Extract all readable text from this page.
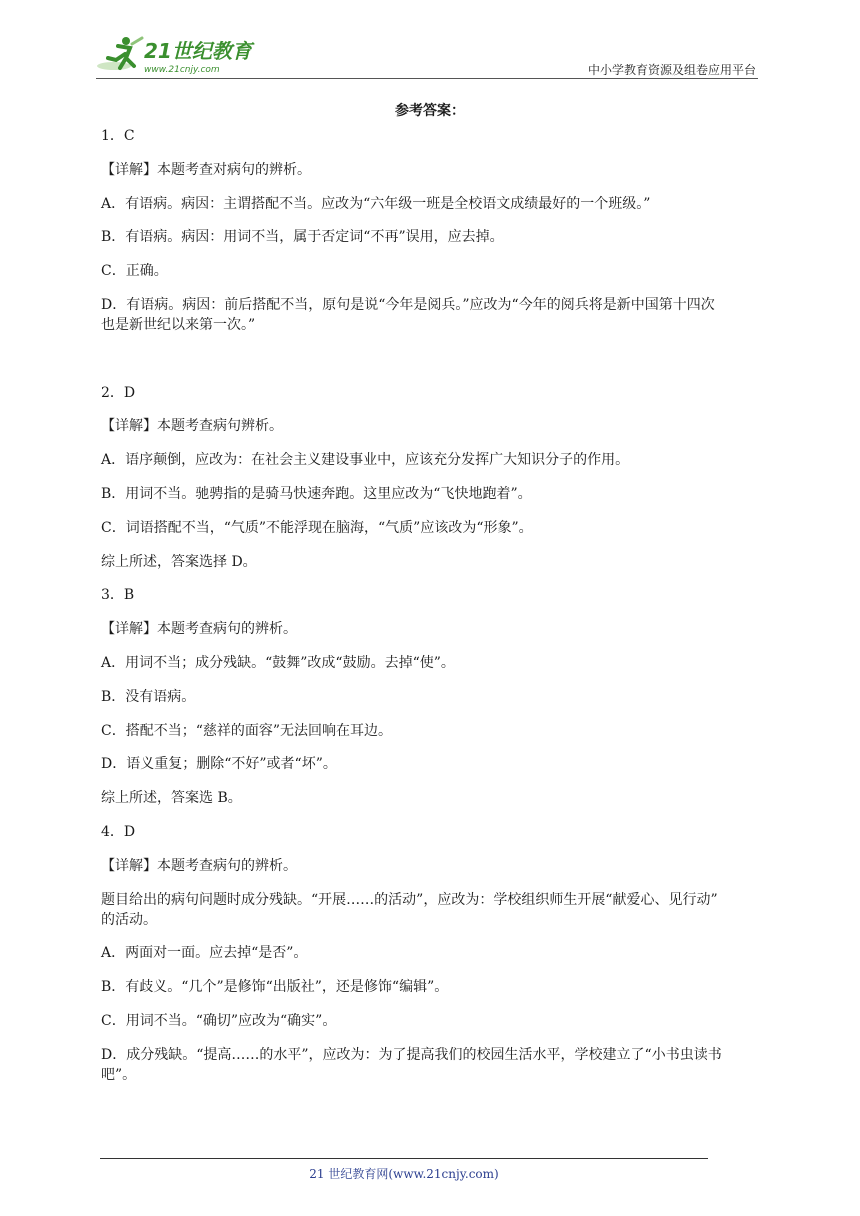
21世纪教育
www.21cnjy.com	中小学教育资源及组卷应用平台
参考答案：
1．C
【详解】本题考查对病句的辨析。
A．有语病。病因：主谓搭配不当。应改为“六年级一班是全校语文成绩最好的一个班级。”
B．有语病。病因：用词不当，属于否定词“不再”误用，应去掉。
C．正确。
D．有语病。病因：前后搭配不当，原句是说“今年是阅兵。”应改为“今年的阅兵将是新中国第十四次
也是新世纪以来第一次。”
2．D
【详解】本题考查病句辨析。
A．语序颠倒，应改为：在社会主义建设事业中，应该充分发挥广大知识分子的作用。
B．用词不当。驰骋指的是骑马快速奔跑。这里应改为“飞快地跑着”。
C．词语搭配不当，“气质”不能浮现在脑海，“气质”应该改为“形象”。
综上所述，答案选择 D。
3．B
【详解】本题考查病句的辨析。
A．用词不当；成分残缺。“鼓舞”改成“鼓励。去掉“使”。
B．没有语病。
C．搭配不当；“慈祥的面容”无法回响在耳边。
D．语义重复；删除“不好”或者“坏”。
综上所述，答案选 B。
4．D
【详解】本题考查病句的辨析。
题目给出的病句问题时成分残缺。“开展……的活动”，应改为：学校组织师生开展“献爱心、见行动”
的活动。
A．两面对一面。应去掉“是否”。
B．有歧义。“几个”是修饰“出版社”，还是修饰“编辑”。
C．用词不当。“确切”应改为“确实”。
D．成分残缺。“提高……的水平”，应改为：为了提高我们的校园生活水平，学校建立了“小书虫读书
吧”。
21 世纪教育网(www.21cnjy.com)
